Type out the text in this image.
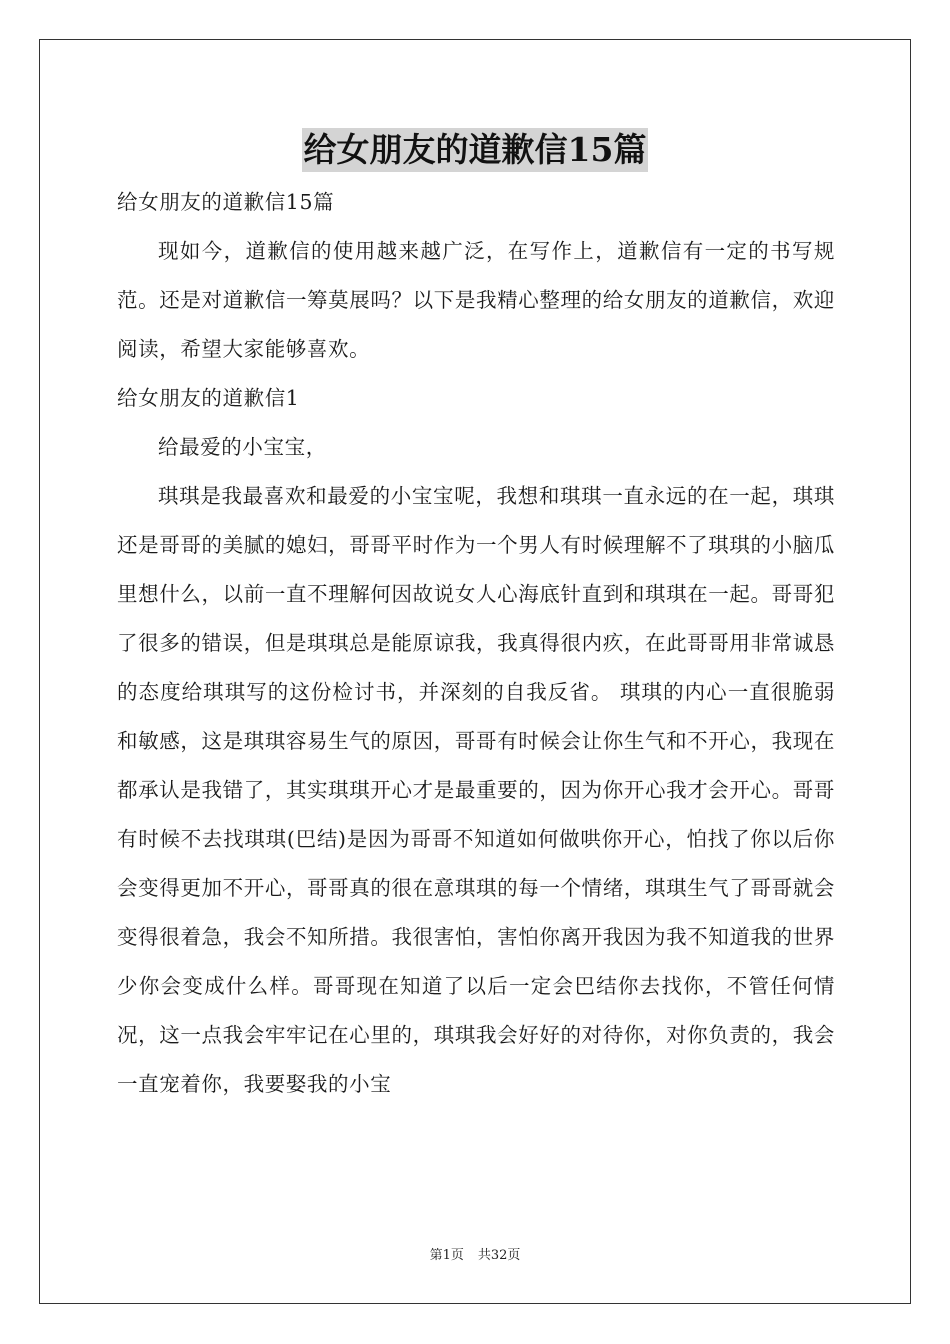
给女朋友的道歉信15篇

给女朋友的道歉信15篇

现如今，道歉信的使用越来越广泛，在写作上，道歉信有一定的书写规范。还是对道歉信一筹莫展吗？以下是我精心整理的给女朋友的道歉信，欢迎阅读，希望大家能够喜欢。

给女朋友的道歉信1

给最爱的小宝宝，

琪琪是我最喜欢和最爱的小宝宝呢，我想和琪琪一直永远的在一起，琪琪还是哥哥的美腻的媳妇，哥哥平时作为一个男人有时候理解不了琪琪的小脑瓜里想什么，以前一直不理解何因故说女人心海底针直到和琪琪在一起。哥哥犯了很多的错误，但是琪琪总是能原谅我，我真得很内疚，在此哥哥用非常诚恳的态度给琪琪写的这份检讨书，并深刻的自我反省。 琪琪的内心一直很脆弱和敏感，这是琪琪容易生气的原因，哥哥有时候会让你生气和不开心，我现在都承认是我错了，其实琪琪开心才是最重要的，因为你开心我才会开心。哥哥有时候不去找琪琪(巴结)是因为哥哥不知道如何做哄你开心，怕找了你以后你会变得更加不开心，哥哥真的很在意琪琪的每一个情绪，琪琪生气了哥哥就会变得很着急，我会不知所措。我很害怕，害怕你离开我因为我不知道我的世界少你会变成什么样。哥哥现在知道了以后一定会巴结你去找你，不管任何情况，这一点我会牢牢记在心里的，琪琪我会好好的对待你，对你负责的，我会一直宠着你，我要娶我的小宝

第1页 共32页
